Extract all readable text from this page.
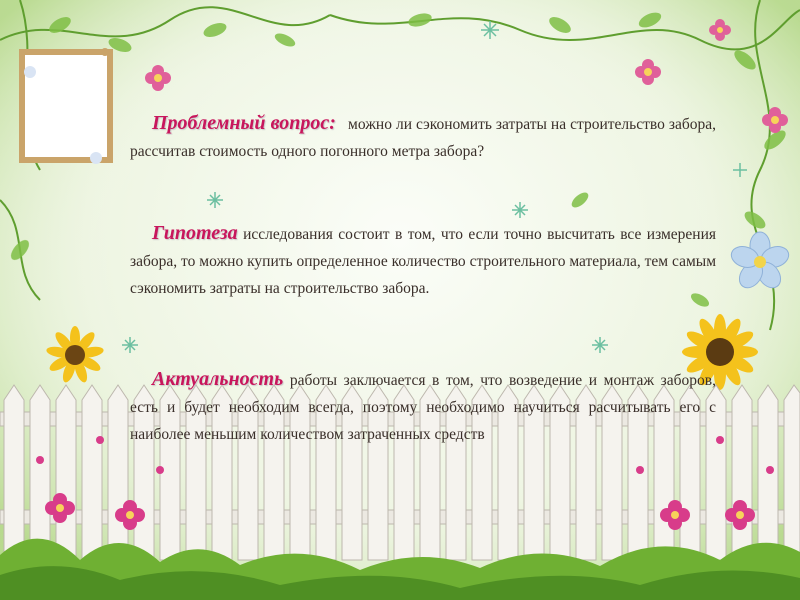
Проблемный вопрос: можно ли сэкономить затраты на строительство забора, рассчитав стоимость одного погонного метра забора?
Гипотеза исследования состоит в том, что если точно высчитать все измерения забора, то можно купить определенное количество строительного материала, тем самым сэкономить затраты на строительство забора.
Актуальность работы заключается в том, что возведение и монтаж заборов, есть и будет необходим всегда, поэтому необходимо научиться расчитывать его с наиболее меньшим количеством затраченных средств
